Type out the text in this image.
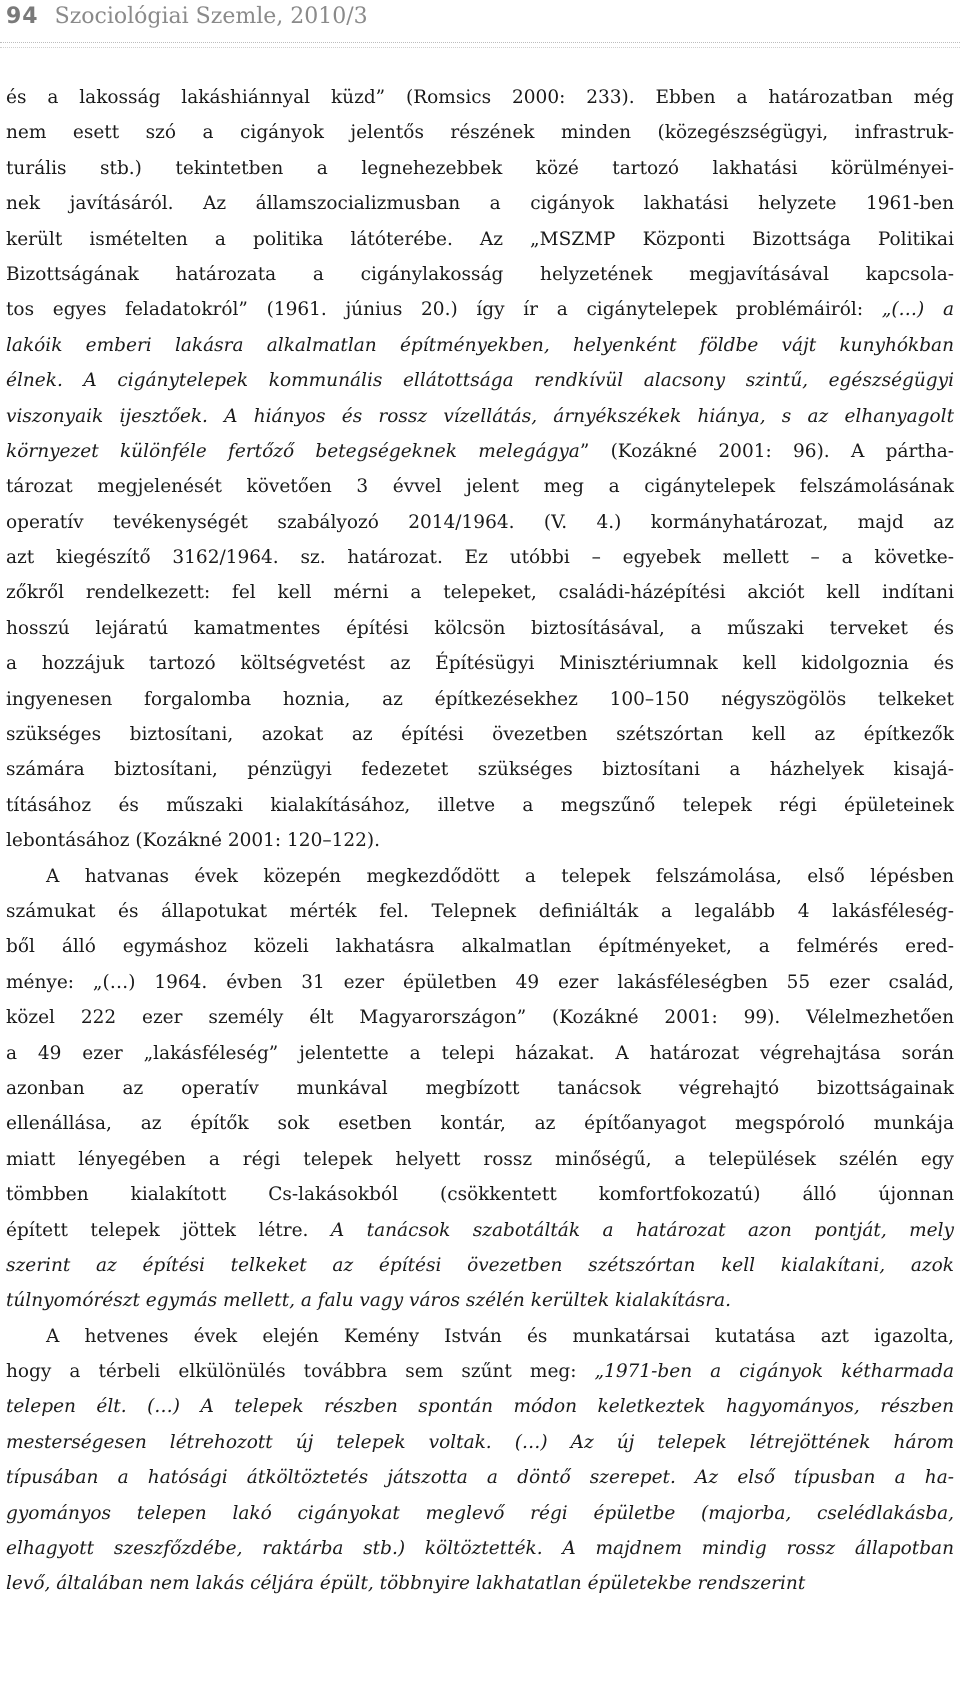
94 Szociológiai Szemle, 2010/3
és a lakosság lakáshiánnyal küzd” (Romsics 2000: 233). Ebben a határozatban még
nem esett szó a cigányok jelentős részének minden (közegészségügyi, infrastruk-
turális stb.) tekintetben a legnehezebbek közé tartozó lakhatási körülményei-
nek javításáról. Az államszocializmusban a cigányok lakhatási helyzete 1961-ben
került ismételten a politika látóterébe. Az „MSZMP Központi Bizottsága Politikai
Bizottságának határozata a cigánylakosság helyzetének megjavításával kapcsola-
tos egyes feladatokról” (1961. június 20.) így ír a cigánytelepek problémáiról: „(…) a
lakóik emberi lakásra alkalmatlan építményekben, helyenként földbe vájt kunyhókban
élnek. A cigánytelepek kommunális ellátottsága rendkívül alacsony szintű, egészségügyi
viszonyaik ijesztőek. A hiányos és rossz vízellátás, árnyékszékek hiánya, s az elhanyagolt
környezet különféle fertőző betegségeknek melegágya” (Kozákné 2001: 96). A pártha-
tározat megjelenését követően 3 évvel jelent meg a cigánytelepek felszámolásának
operatív tevékenységét szabályozó 2014/1964. (V. 4.) kormányhatározat, majd az
azt kiegészítő 3162/1964. sz. határozat. Ez utóbbi – egyebek mellett – a követke-
zőkről rendelkezett: fel kell mérni a telepeket, családi-házépítési akciót kell indítani
hosszú lejáratú kamatmentes építési kölcsön biztosításával, a műszaki terveket és
a hozzájuk tartozó költségvetést az Építésügyi Minisztériumnak kell kidolgoznia és
ingyenesen forgalomba hoznia, az építkezésekhez 100–150 négyszögölös telkeket
szükséges biztosítani, azokat az építési övezetben szétszórtan kell az építkezők
számára biztosítani, pénzügyi fedezetet szükséges biztosítani a házhelyek kisajá-
tításához és műszaki kialakításához, illetve a megszűnő telepek régi épületeinek
lebontásához (Kozákné 2001: 120–122).
A hatvanas évek közepén megkezdődött a telepek felszámolása, első lépésben
számukat és állapotukat mérték fel. Telepnek definiálták a legalább 4 lakásféleség-
ből álló egymáshoz közeli lakhatásra alkalmatlan építményeket, a felmérés ered-
ménye: „(…) 1964. évben 31 ezer épületben 49 ezer lakásféleségben 55 ezer család,
közel 222 ezer személy élt Magyarországon” (Kozákné 2001: 99). Vélelmezhetően
a 49 ezer „lakásféleség” jelentette a telepi házakat. A határozat végrehajtása során
azonban az operatív munkával megbízott tanácsok végrehajtó bizottságainak
ellenállása, az építők sok esetben kontár, az építőanyagot megspóroló munkája
miatt lényegében a régi telepek helyett rossz minőségű, a települések szélén egy
tömbben kialakított Cs-lakásokból (csökkentett komfortfokozatú) álló újonnan
épített telepek jöttek létre. A tanácsok szabotálták a határozat azon pontját, mely
szerint az építési telkeket az építési övezetben szétszórtan kell kialakítani, azok
túlnyomórészt egymás mellett, a falu vagy város szélén kerültek kialakításra.
A hetvenes évek elején Kemény István és munkatársai kutatása azt igazolta,
hogy a térbeli elkülönülés továbbra sem szűnt meg: „1971-ben a cigányok kétharmada
telepen élt. (…) A telepek részben spontán módon keletkeztek hagyományos, részben
mesterségesen létrehozott új telepek voltak. (…) Az új telepek létrejöttének három
típusában a hatósági átköltöztetés játszotta a döntő szerepet. Az első típusban a ha-
gyományos telepen lakó cigányokat meglevő régi épületbe (majorba, cselédlakásba,
elhagyott szeszfőzdébe, raktárba stb.) költöztették. A majdnem mindig rossz állapotban
levő, általában nem lakás céljára épült, többnyire lakhatatlan épületekbe rendszerint
